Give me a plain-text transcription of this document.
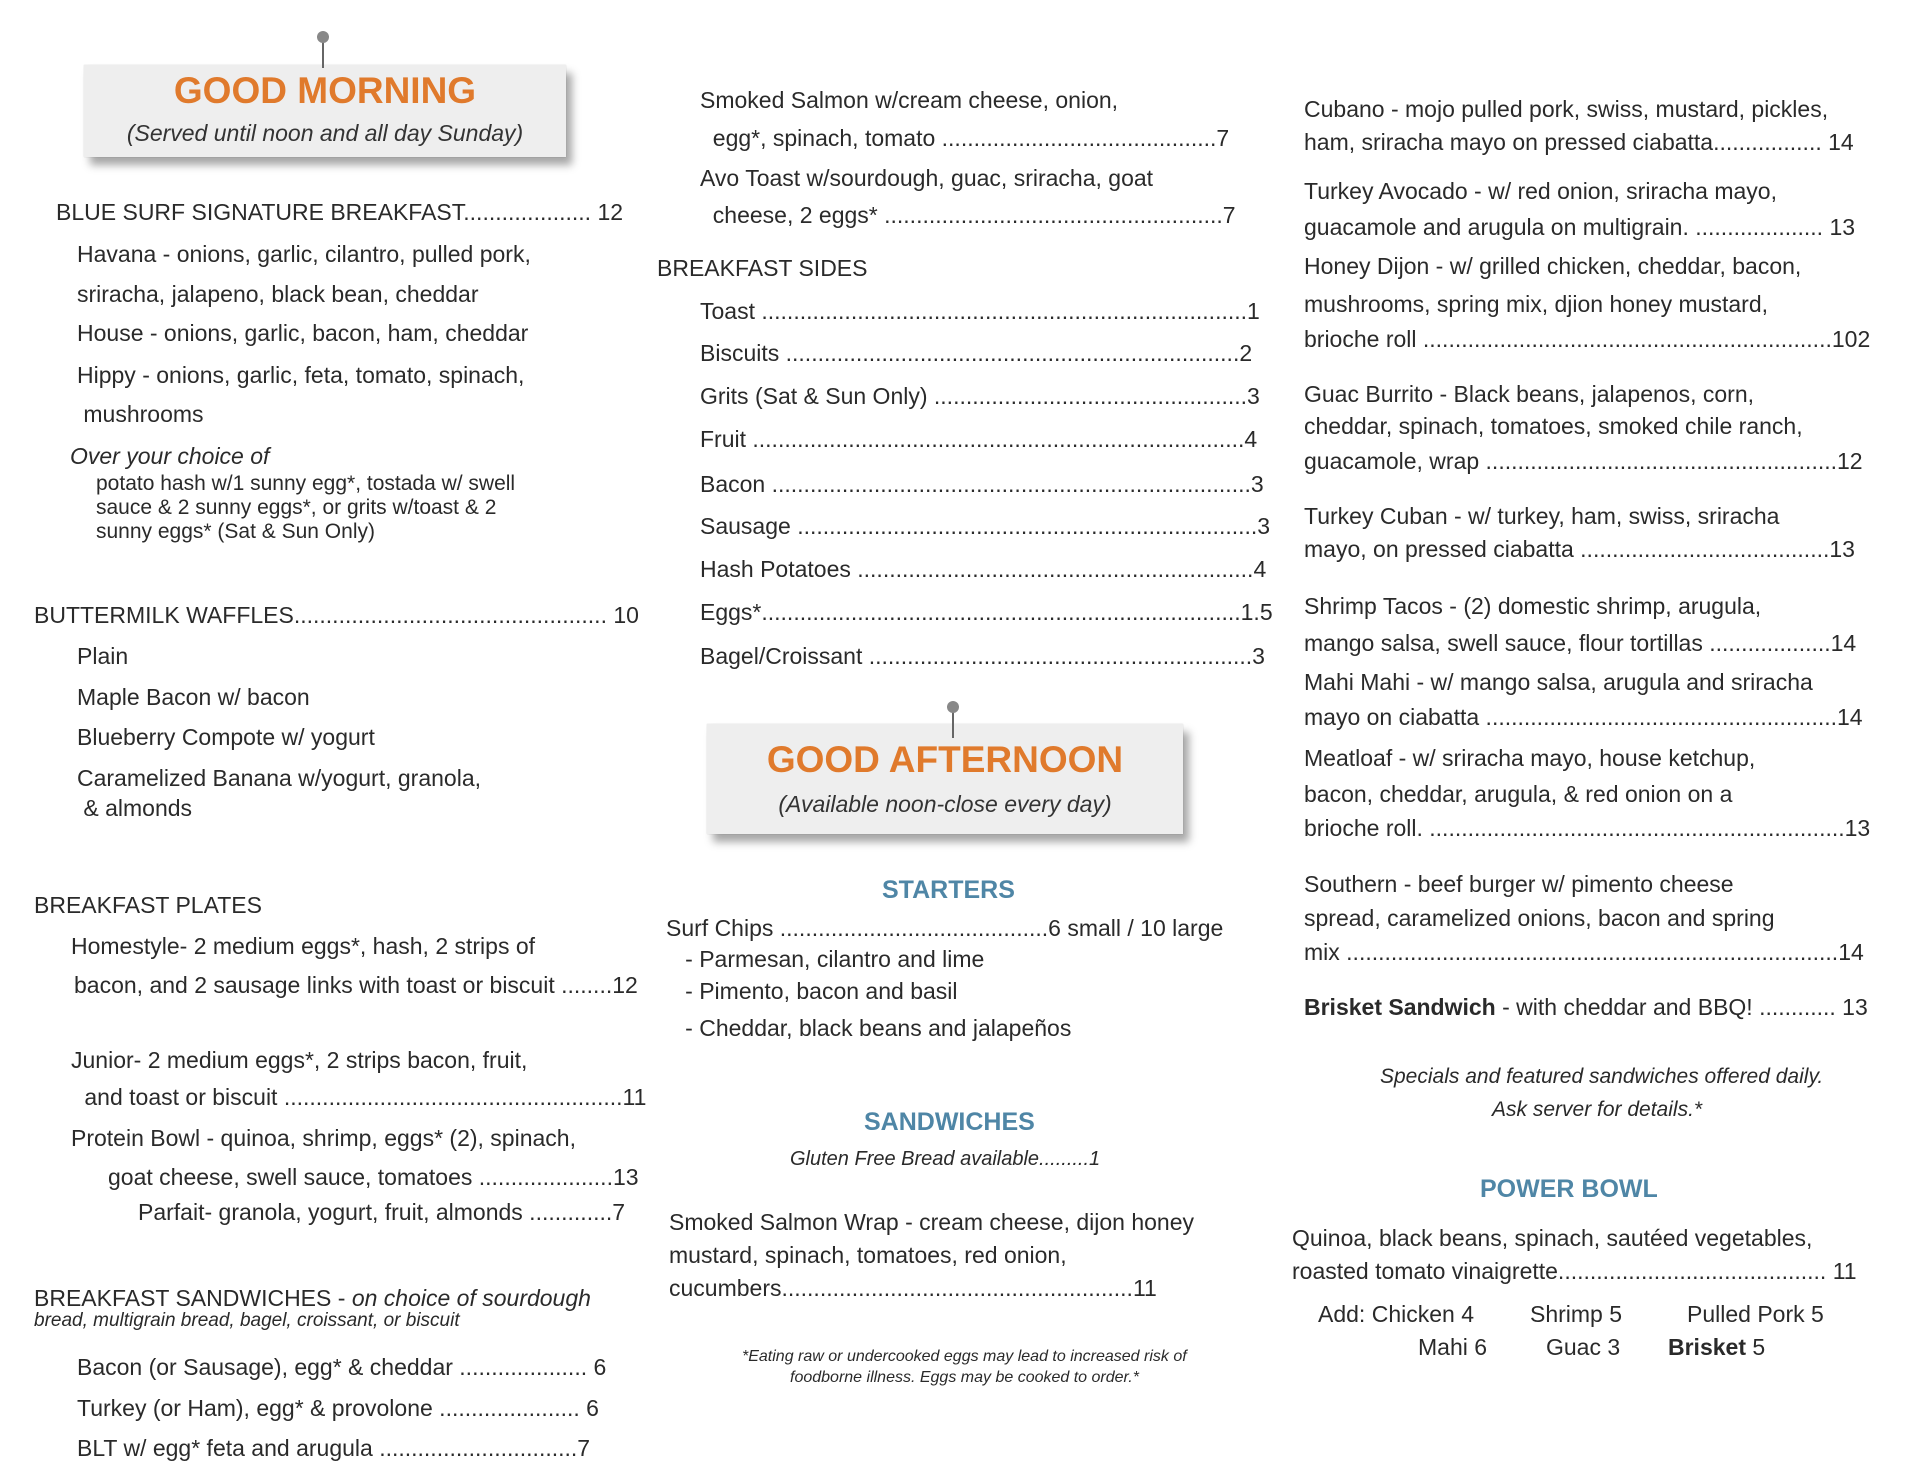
GOOD MORNING
(Served until noon and all day Sunday)
BLUE SURF SIGNATURE BREAKFAST.................... 12
Havana - onions, garlic, cilantro, pulled pork,
sriracha, jalapeno, black bean, cheddar
House - onions, garlic, bacon, ham, cheddar
Hippy - onions, garlic, feta, tomato, spinach,
mushrooms
Over your choice of
potato hash w/1 sunny egg*, tostada w/ swell
sauce & 2 sunny eggs*, or grits w/toast & 2
sunny eggs* (Sat & Sun Only)
BUTTERMILK WAFFLES................................................. 10
Plain
Maple Bacon w/ bacon
Blueberry Compote w/ yogurt
Caramelized Banana w/yogurt, granola,
& almonds
BREAKFAST PLATES
Homestyle- 2 medium eggs*, hash, 2 strips of
bacon, and 2 sausage links with toast or biscuit ........12
Junior- 2 medium eggs*, 2 strips bacon, fruit,
and toast or biscuit .....................................................11
Protein Bowl - quinoa, shrimp, eggs* (2), spinach,
goat cheese, swell sauce, tomatoes .....................13
Parfait- granola, yogurt, fruit, almonds .............7
BREAKFAST SANDWICHES - on choice of sourdough
bread, multigrain bread, bagel, croissant, or biscuit
Bacon (or Sausage), egg* & cheddar .................... 6
Turkey (or Ham), egg* & provolone ...................... 6
BLT w/ egg* feta and arugula ...............................7
Smoked Salmon w/cream cheese, onion,
egg*, spinach, tomato ...........................................7
Avo Toast w/sourdough, guac, sriracha, goat
cheese, 2 eggs* .....................................................7
BREAKFAST SIDES
Toast ............................................................................1
Biscuits .......................................................................2
Grits (Sat & Sun Only) .................................................3
Fruit .............................................................................4
Bacon ...........................................................................3
Sausage ........................................................................3
Hash Potatoes ..............................................................4
Eggs*...........................................................................1.5
Bagel/Croissant ............................................................3
GOOD AFTERNOON
(Available noon-close every day)
STARTERS
Surf Chips ..........................................6 small / 10 large
- Parmesan, cilantro and lime
- Pimento, bacon and basil
- Cheddar, black beans and jalapeños
SANDWICHES
Gluten Free Bread available.........1
Smoked Salmon Wrap - cream cheese, dijon honey
mustard, spinach, tomatoes, red onion,
cucumbers.......................................................11
*Eating raw or undercooked eggs may lead to increased risk of
foodborne illness. Eggs may be cooked to order.*
Cubano - mojo pulled pork, swiss, mustard, pickles,
ham, sriracha mayo on pressed ciabatta................. 14
Turkey Avocado - w/ red onion, sriracha mayo,
guacamole and arugula on multigrain. .................... 13
Honey Dijon - w/ grilled chicken, cheddar, bacon,
mushrooms, spring mix, djion honey mustard,
brioche roll ................................................................102
Guac Burrito - Black beans, jalapenos, corn,
cheddar, spinach, tomatoes, smoked chile ranch,
guacamole, wrap .......................................................12
Turkey Cuban - w/ turkey, ham, swiss, sriracha
mayo, on pressed ciabatta .......................................13
Shrimp Tacos - (2) domestic shrimp, arugula,
mango salsa, swell sauce, flour tortillas ...................14
Mahi Mahi - w/ mango salsa, arugula and sriracha
mayo on ciabatta .......................................................14
Meatloaf - w/ sriracha mayo, house ketchup,
bacon, cheddar, arugula, & red onion on a
brioche roll. .................................................................13
Southern - beef burger w/ pimento cheese
spread, caramelized onions, bacon and spring
mix .............................................................................14
Brisket Sandwich - with cheddar and BBQ! ............ 13
Specials and featured sandwiches offered daily.
Ask server for details.*
POWER BOWL
Quinoa, black beans, spinach, sautéed vegetables,
roasted tomato vinaigrette.......................................... 11
Add: Chicken 4 Shrimp 5	Pulled Pork 5
Mahi 6	Guac 3 Brisket 5
